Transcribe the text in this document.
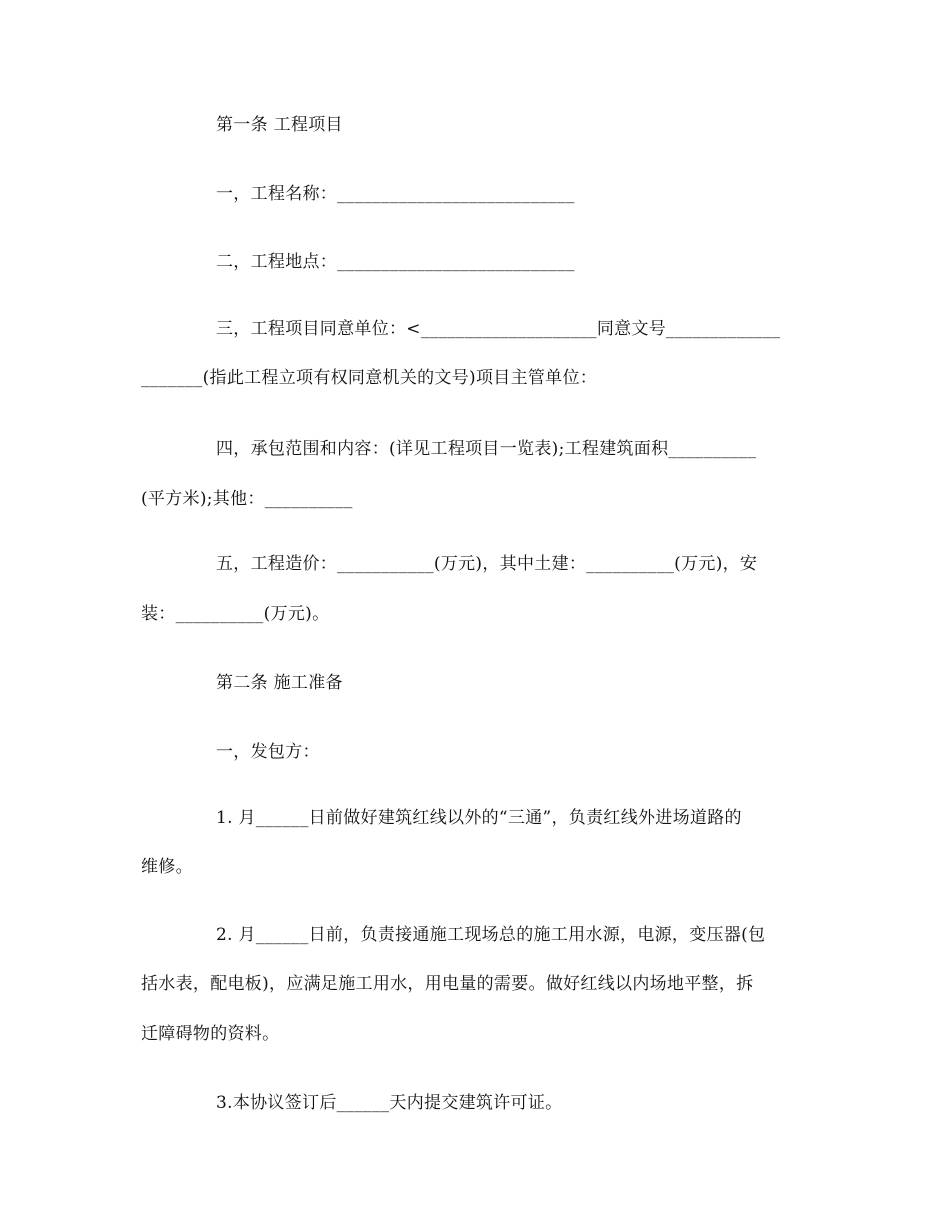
第一条 工程项目
一，工程名称：___________________________
二，工程地点：___________________________
三，工程项目同意单位：<____________________同意文号_____________
_______(指此工程立项有权同意机关的文号)项目主管单位：
四，承包范围和内容：(详见工程项目一览表);工程建筑面积__________
(平方米);其他：__________
五，工程造价：___________(万元)，其中土建：__________(万元)，安
装：__________(万元)。
第二条 施工准备
一，发包方：
1. 月______日前做好建筑红线以外的“三通”，负责红线外进场道路的
维修。
2. 月______日前，负责接通施工现场总的施工用水源，电源，变压器(包
括水表，配电板)，应满足施工用水，用电量的需要。做好红线以内场地平整，拆
迁障碍物的资料。
3.本协议签订后______天内提交建筑许可证。
